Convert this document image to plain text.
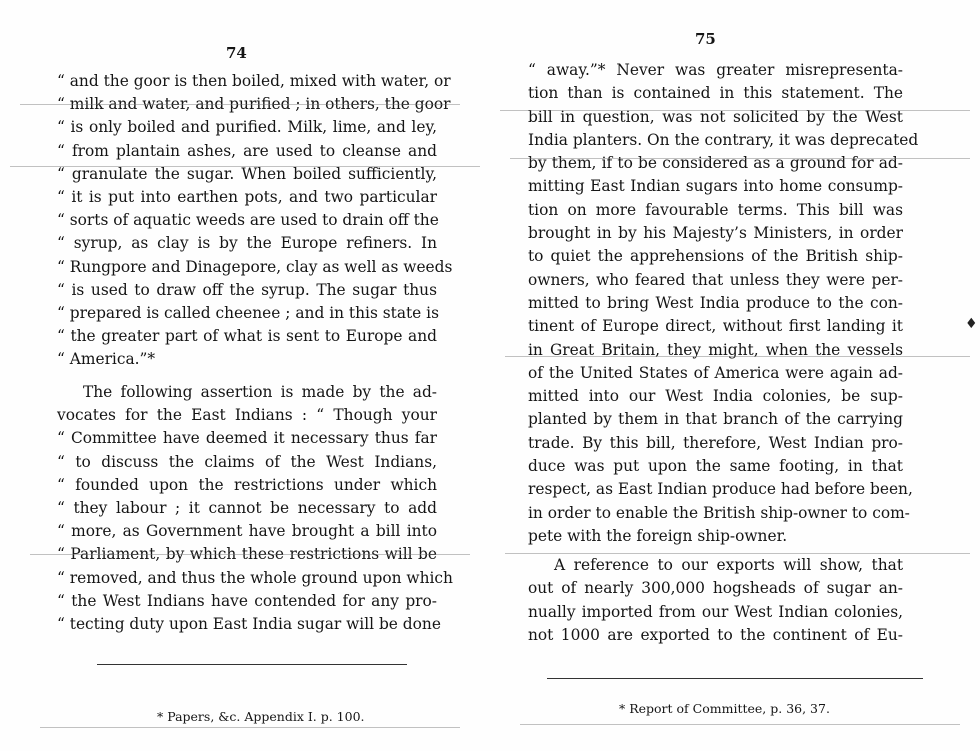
74
“ and the goor is then boiled, mixed with water, or
“ milk and water, and purified ; in others, the goor
“ is only boiled and purified. Milk, lime, and ley,
“ from plantain ashes, are used to cleanse and
“ granulate the sugar. When boiled sufficiently,
“ it is put into earthen pots, and two particular
“ sorts of aquatic weeds are used to drain off the
“ syrup, as clay is by the Europe refiners. In
“ Rungpore and Dinagepore, clay as well as weeds
“ is used to draw off the syrup. The sugar thus
“ prepared is called cheenee ; and in this state is
“ the greater part of what is sent to Europe and
“ America.”*
The following assertion is made by the ad-
vocates for the East Indians : “ Though your
“ Committee have deemed it necessary thus far
“ to discuss the claims of the West Indians,
“ founded upon the restrictions under which
“ they labour ; it cannot be necessary to add
“ more, as Government have brought a bill into
“ Parliament, by which these restrictions will be
“ removed, and thus the whole ground upon which
“ the West Indians have contended for any pro-
“ tecting duty upon East India sugar will be done
* Papers, &c. Appendix I. p. 100.
75
“ away.”* Never was greater misrepresenta-
tion than is contained in this statement. The
bill in question, was not solicited by the West
India planters. On the contrary, it was deprecated
by them, if to be considered as a ground for ad-
mitting East Indian sugars into home consump-
tion on more favourable terms. This bill was
brought in by his Majesty’s Ministers, in order
to quiet the apprehensions of the British ship-
owners, who feared that unless they were per-
mitted to bring West India produce to the con-
tinent of Europe direct, without first landing it
in Great Britain, they might, when the vessels
of the United States of America were again ad-
mitted into our West India colonies, be sup-
planted by them in that branch of the carrying
trade. By this bill, therefore, West Indian pro-
duce was put upon the same footing, in that
respect, as East Indian produce had before been,
in order to enable the British ship-owner to com-
pete with the foreign ship-owner.
A reference to our exports will show, that
out of nearly 300,000 hogsheads of sugar an-
nually imported from our West Indian colonies,
not 1000 are exported to the continent of Eu-
* Report of Committee, p. 36, 37.
♦
